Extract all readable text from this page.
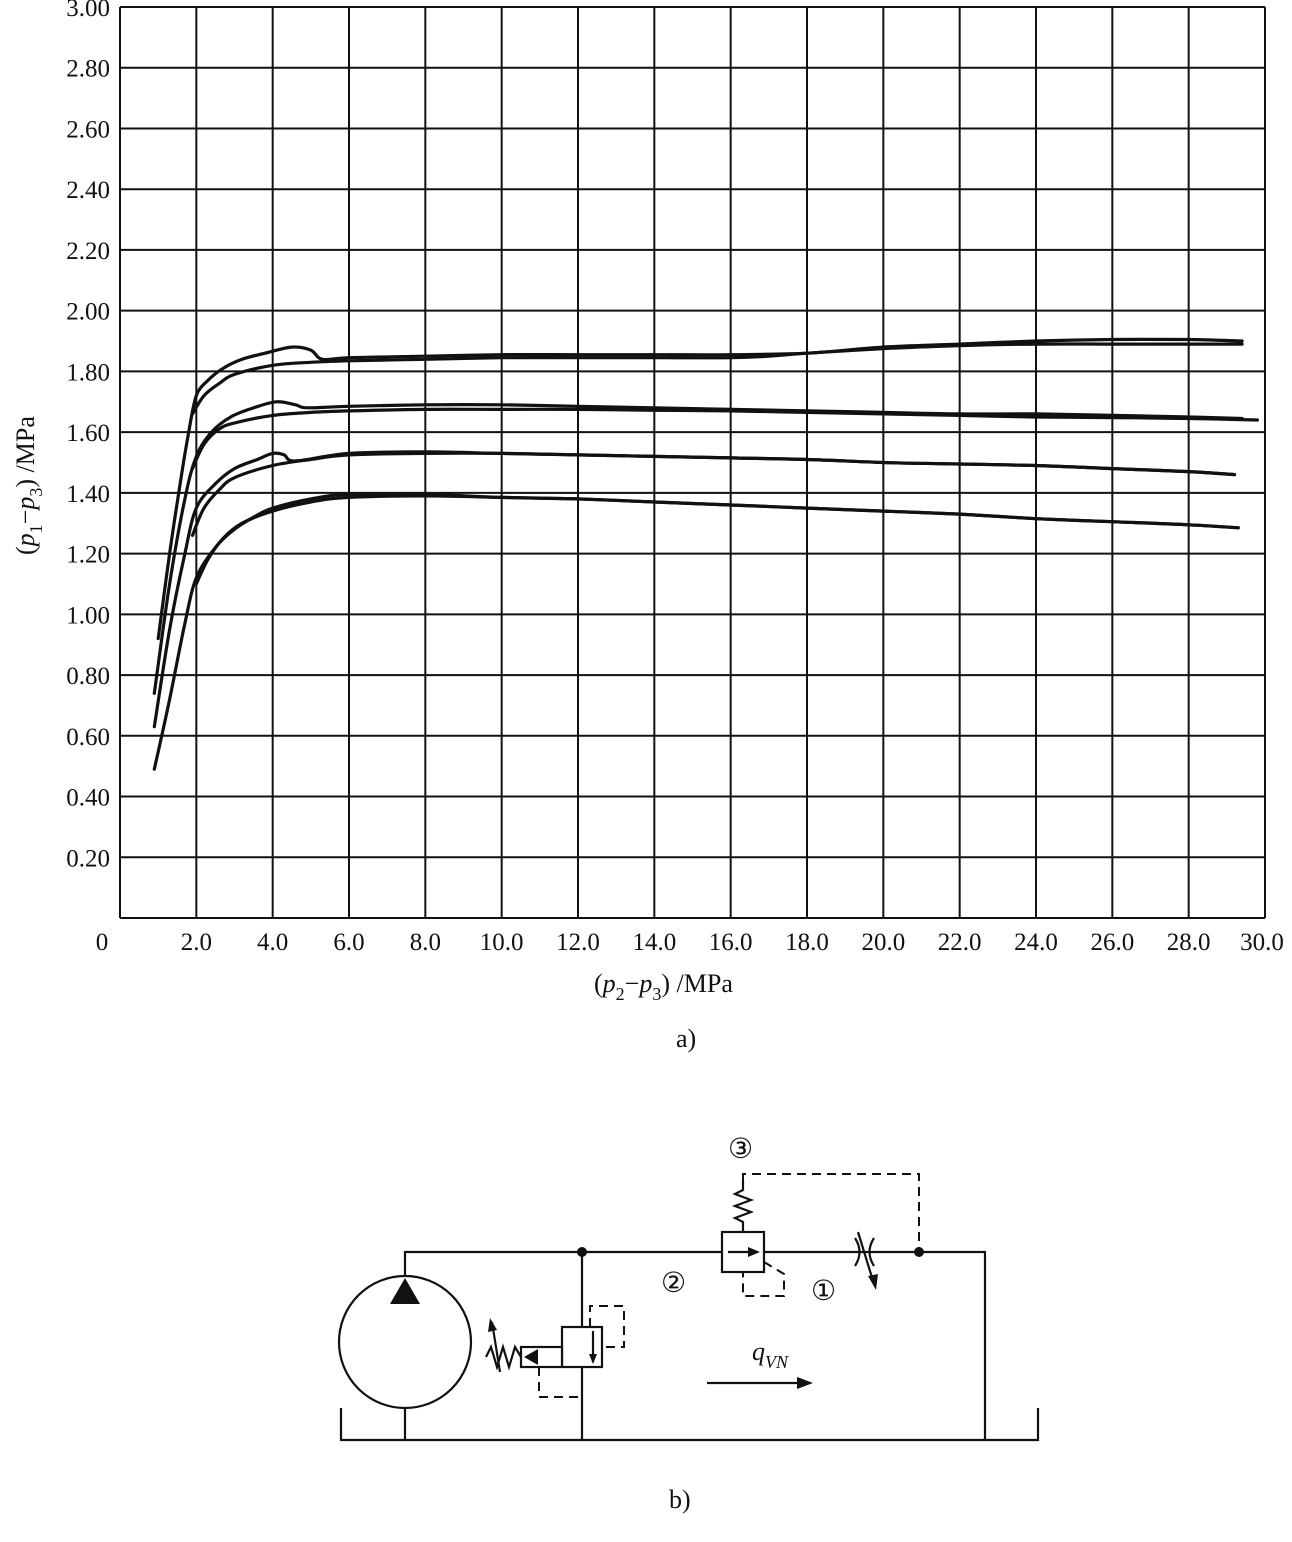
0.20
0.40
0.60
0.80
1.00
1.20
1.40
1.60
1.80
2.00
2.20
2.40
2.60
2.80
3.00
0	2.0 4.0 6.0 8.0 10.0 12.0 14.0 16.0 18.0 20.0 22.0 24.0 26.0 28.0 30.0
$(p_2-p_3)$ /MPa
$(p_1-p_3)$ /MPa
a)
$q_{VN}$
③
②	①
b)
